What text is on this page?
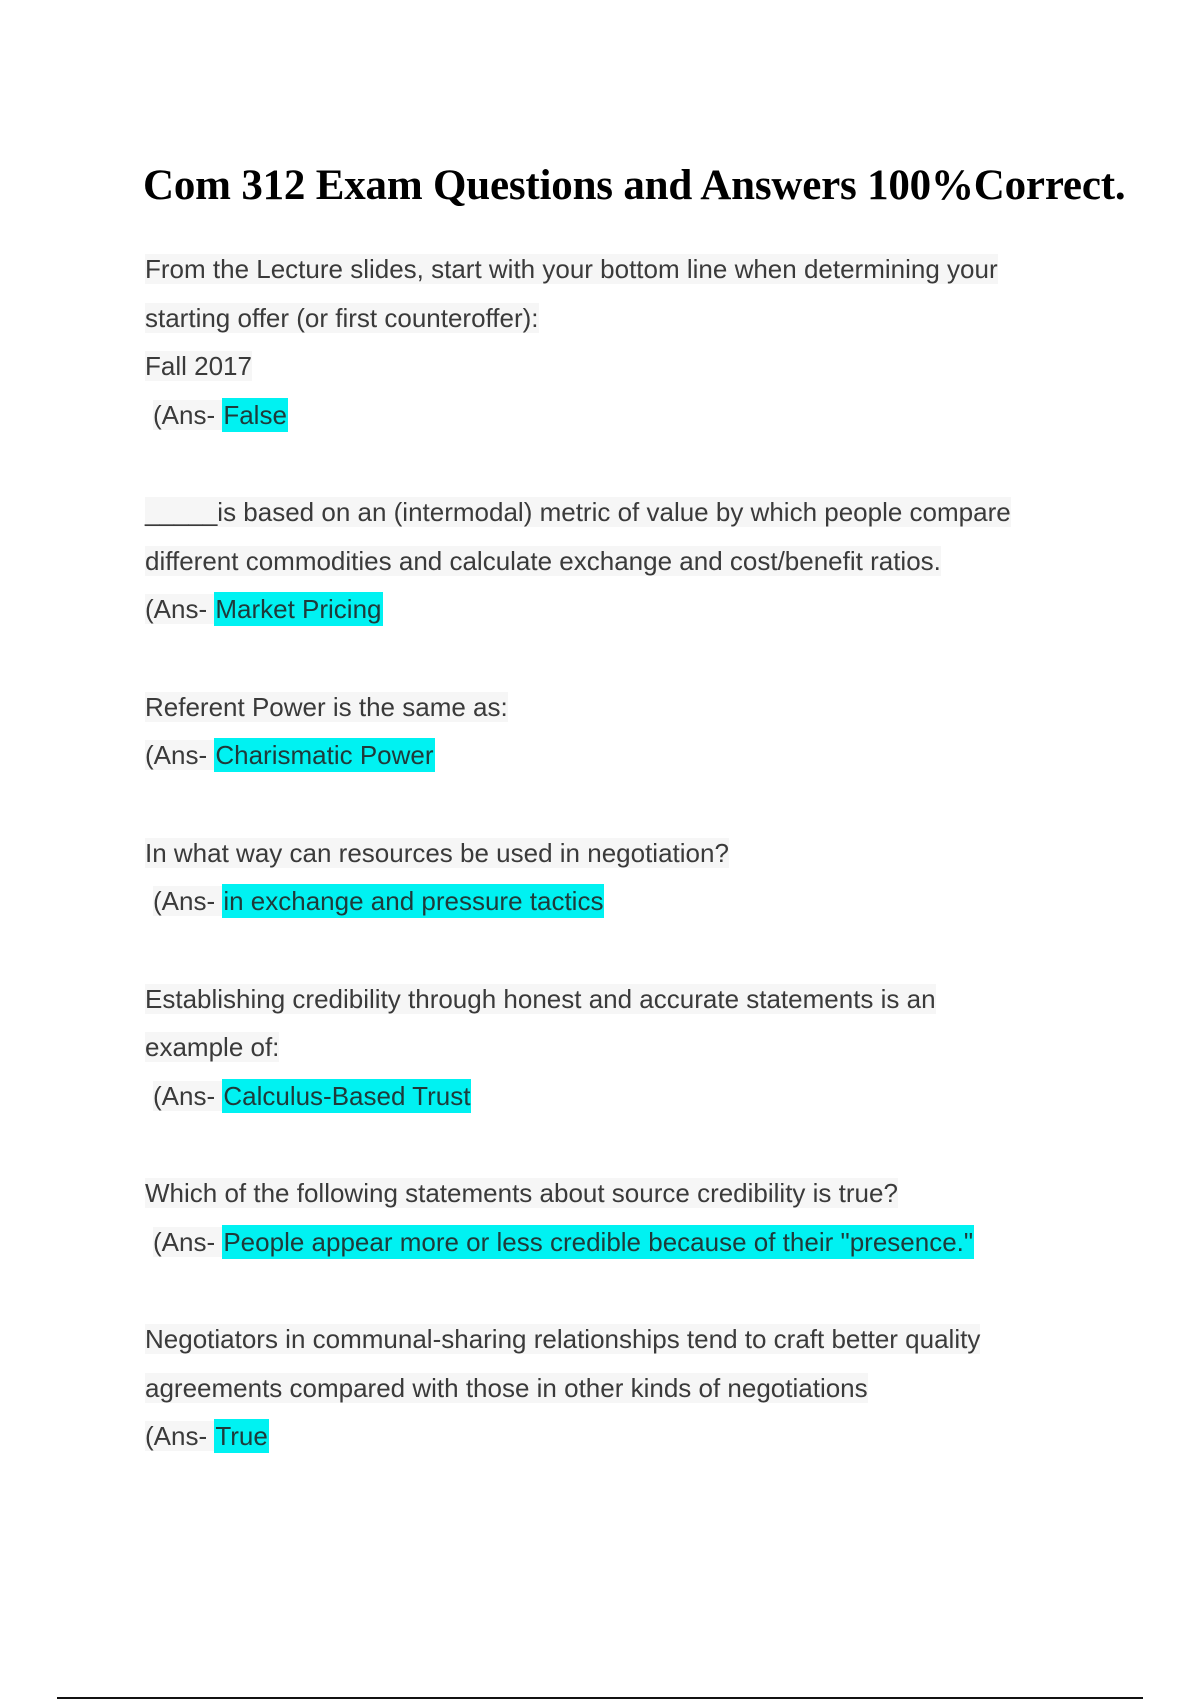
Com 312 Exam Questions and Answers 100%Correct.
From the Lecture slides, start with your bottom line when determining your
starting offer (or first counteroffer):
Fall 2017
(Ans- False
_____is based on an (intermodal) metric of value by which people compare
different commodities and calculate exchange and cost/benefit ratios.
(Ans- Market Pricing
Referent Power is the same as:
(Ans- Charismatic Power
In what way can resources be used in negotiation?
(Ans- in exchange and pressure tactics
Establishing credibility through honest and accurate statements is an
example of:
(Ans- Calculus-Based Trust
Which of the following statements about source credibility is true?
(Ans- People appear more or less credible because of their "presence."
Negotiators in communal-sharing relationships tend to craft better quality
agreements compared with those in other kinds of negotiations
(Ans- True
